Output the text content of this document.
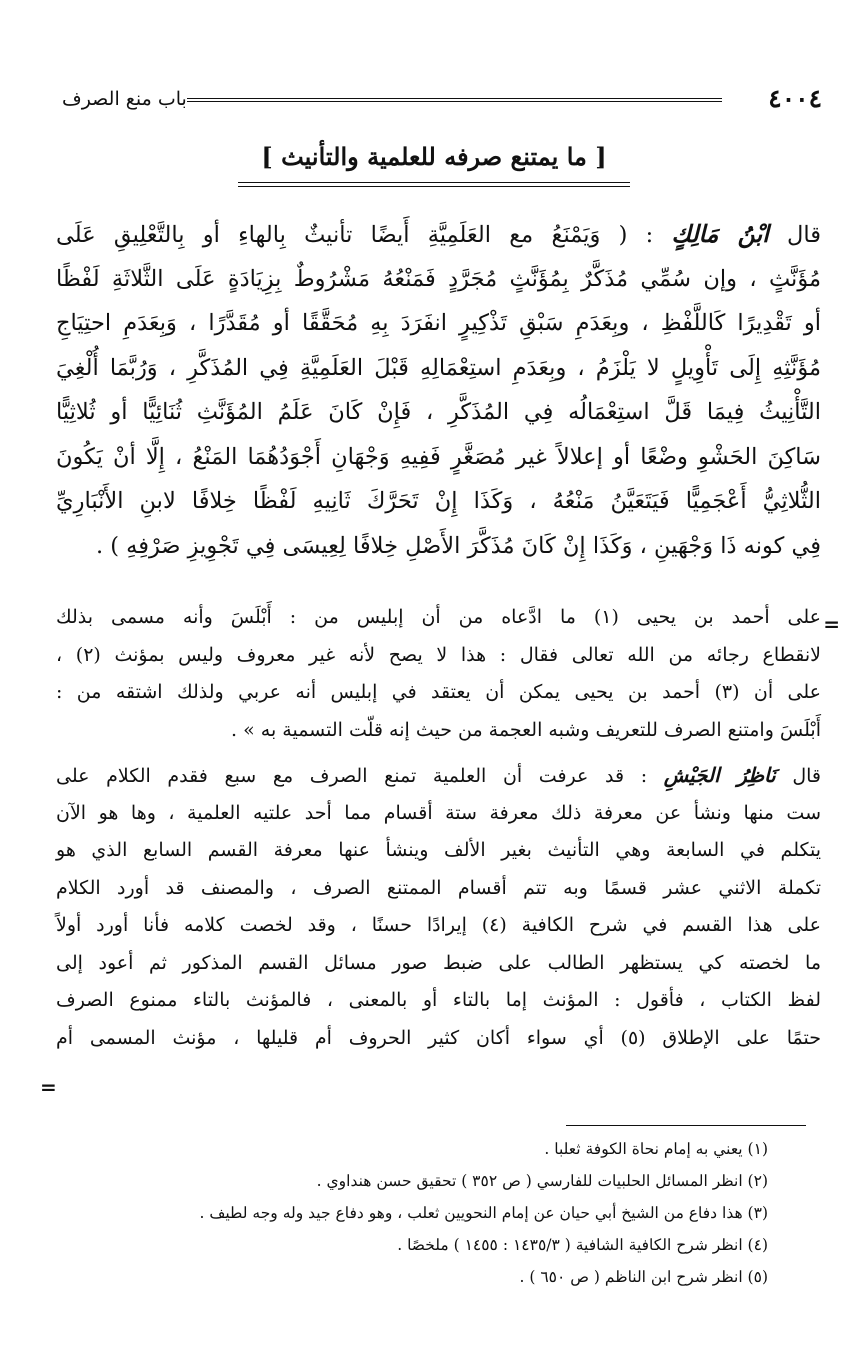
٤٠٠٤
باب منع الصرف
[ ما يمتنع صرفه للعلمية والتأنيث ]
قال ابْنُ مَالِكٍ : ( وَيَمْنَعُ مع العَلَمِيَّةِ أَيضًا تأنيثٌ بِالهاءِ أو بِالتَّعْلِيقِ عَلَى
مُؤَنَّثٍ ، وإن سُمِّي مُذَكَّرٌ بِمُؤَنَّثٍ مُجَرَّدٍ فَمَنْعُهُ مَشْرُوطٌ بِزِيَادَةٍ عَلَى الثَّلاثَةِ لَفْظًا
أو تَقْدِيرًا كَاللَّفْظِ ، وبِعَدَمِ سَبْقِ تَذْكِيرٍ انفَرَدَ بِهِ مُحَقَّقًا أو مُقَدَّرًا ، وَبِعَدَمِ احتِيَاجِ
مُؤَنَّثِهِ إِلَى تَأْوِيلٍ لا يَلْزَمُ ، وبِعَدَمِ استِعْمَالِهِ قَبْلَ العَلَمِيَّةِ فِي المُذَكَّرِ ، وَرُبَّمَا أُلْغِيَ
التَّأْنِيثُ فِيمَا قَلَّ استِعْمَالُه فِي المُذَكَّرِ ، فَإِنْ كَانَ عَلَمُ المُؤَنَّثِ ثُنَائِيًّا أو ثُلاثِيًّا
سَاكِنَ الحَشْوِ وضْعًا أو إعلالاً غير مُصَغَّرٍ فَفِيهِ وَجْهَانِ أَجْوَدُهُمَا المَنْعُ ، إِلَّا أنْ يَكُونَ
الثُّلاثِيُّ أَعْجَمِيًّا فَيَتَعَيَّنُ مَنْعُهُ ، وَكَذَا إِنْ تَحَرَّكَ ثَانِيهِ لَفْظًا خِلافًا لابنِ الأَنْبَارِيِّ
فِي كونه ذَا وَجْهَينِ ، وَكَذَا إِنْ كَانَ مُذَكَّرَ الأَصْلِ خِلافًا لِعِيسَى فِي تَجْوِيزِ صَرْفِهِ ) .
=
على أحمد بن يحيى (١) ما ادَّعاه من أن إبليس من : أَبْلَسَ وأنه مسمى بذلك
لانقطاع رجائه من الله تعالى فقال : هذا لا يصح لأنه غير معروف وليس بمؤنث (٢) ،
على أن (٣) أحمد بن يحيى يمكن أن يعتقد في إبليس أنه عربي ولذلك اشتقه من :
أَبْلَسَ وامتنع الصرف للتعريف وشبه العجمة من حيث إنه قلّت التسمية به » .
قال نَاظِرُ الجَيْشِ : قد عرفت أن العلمية تمنع الصرف مع سبع فقدم الكلام على
ست منها ونشأ عن معرفة ذلك معرفة ستة أقسام مما أحد علتيه العلمية ، وها هو الآن
يتكلم في السابعة وهي التأنيث بغير الألف وينشأ عنها معرفة القسم السابع الذي هو
تكملة الاثني عشر قسمًا وبه تتم أقسام الممتنع الصرف ، والمصنف قد أورد الكلام
على هذا القسم في شرح الكافية (٤) إيرادًا حسنًا ، وقد لخصت كلامه فأنا أورد أولاً
ما لخصته كي يستظهر الطالب على ضبط صور مسائل القسم المذكور ثم أعود إلى
لفظ الكتاب ، فأقول : المؤنث إما بالتاء أو بالمعنى ، فالمؤنث بالتاء ممنوع الصرف
حتمًا على الإطلاق (٥) أي سواء أكان كثير الحروف أم قليلها ، مؤنث المسمى أم
=
(١) يعني به إمام نحاة الكوفة ثعلبا .
(٢) انظر المسائل الحلبيات للفارسي ( ص ٣٥٢ ) تحقيق حسن هنداوي .
(٣) هذا دفاع من الشيخ أبي حيان عن إمام النحويين ثعلب ، وهو دفاع جيد وله وجه لطيف .
(٤) انظر شرح الكافية الشافية ( ١٤٣٥/٣ : ١٤٥٥ ) ملخصًا .
(٥) انظر شرح ابن الناظم ( ص ٦٥٠ ) .
